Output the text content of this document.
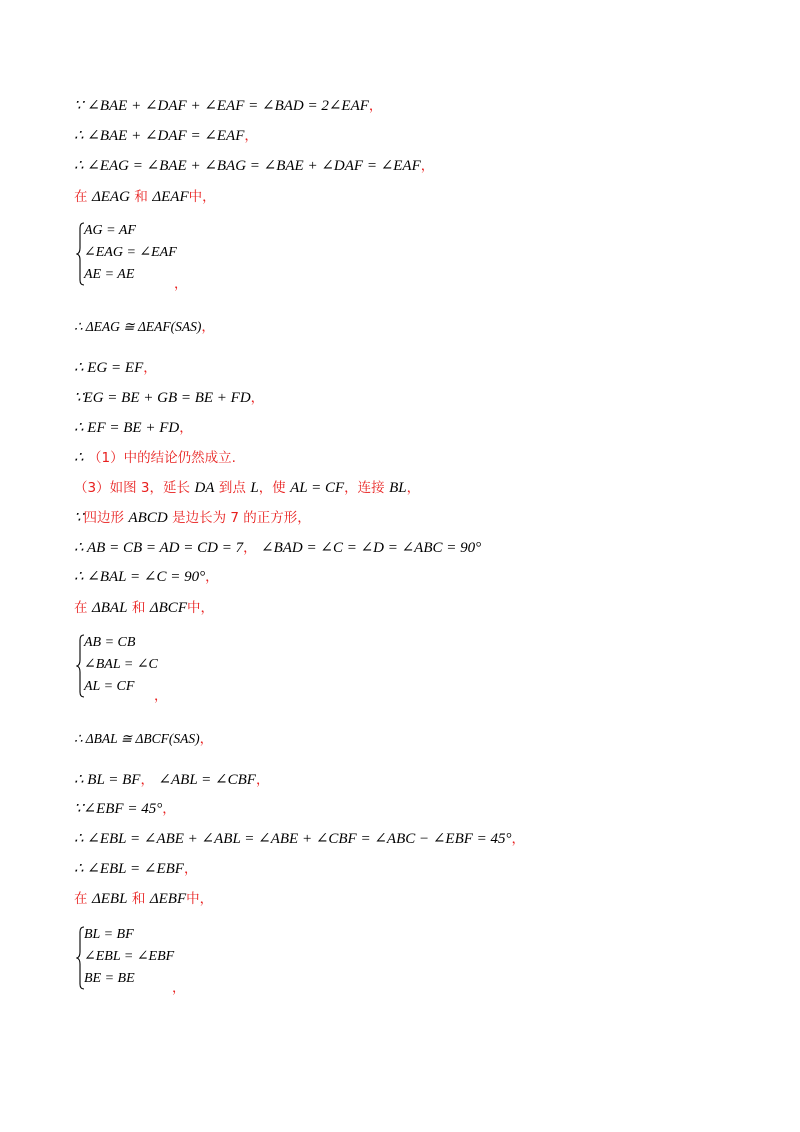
∵ ∠BAE + ∠DAF + ∠EAF = ∠BAD = 2∠EAF，
∴ ∠BAE + ∠DAF = ∠EAF，
∴ ∠EAG = ∠BAE + ∠BAG = ∠BAE + ∠DAF = ∠EAF，
在 ΔEAG 和 ΔEAF中，
AG = AF
∠EAG = ∠EAF
AE = AE
，
∴ ΔEAG ≅ ΔEAF(SAS)，
∴ EG = EF，
∵EG = BE + GB = BE + FD，
∴ EF = BE + FD，
∴ （1）中的结论仍然成立.
（3）如图 3，延长 DA 到点 L，使 AL = CF，连接 BL，
∵四边形 ABCD 是边长为 7 的正方形，
∴ AB = CB = AD = CD = 7， ∠BAD = ∠C = ∠D = ∠ABC = 90°
∴ ∠BAL = ∠C = 90°，
在 ΔBAL 和 ΔBCF中，
AB = CB
∠BAL = ∠C
AL = CF
，
∴ ΔBAL ≅ ΔBCF(SAS)，
∴ BL = BF， ∠ABL = ∠CBF，
∵∠EBF = 45°，
∴ ∠EBL = ∠ABE + ∠ABL = ∠ABE + ∠CBF = ∠ABC − ∠EBF = 45°，
∴ ∠EBL = ∠EBF，
在 ΔEBL 和 ΔEBF中，
BL = BF
∠EBL = ∠EBF
BE = BE
，
